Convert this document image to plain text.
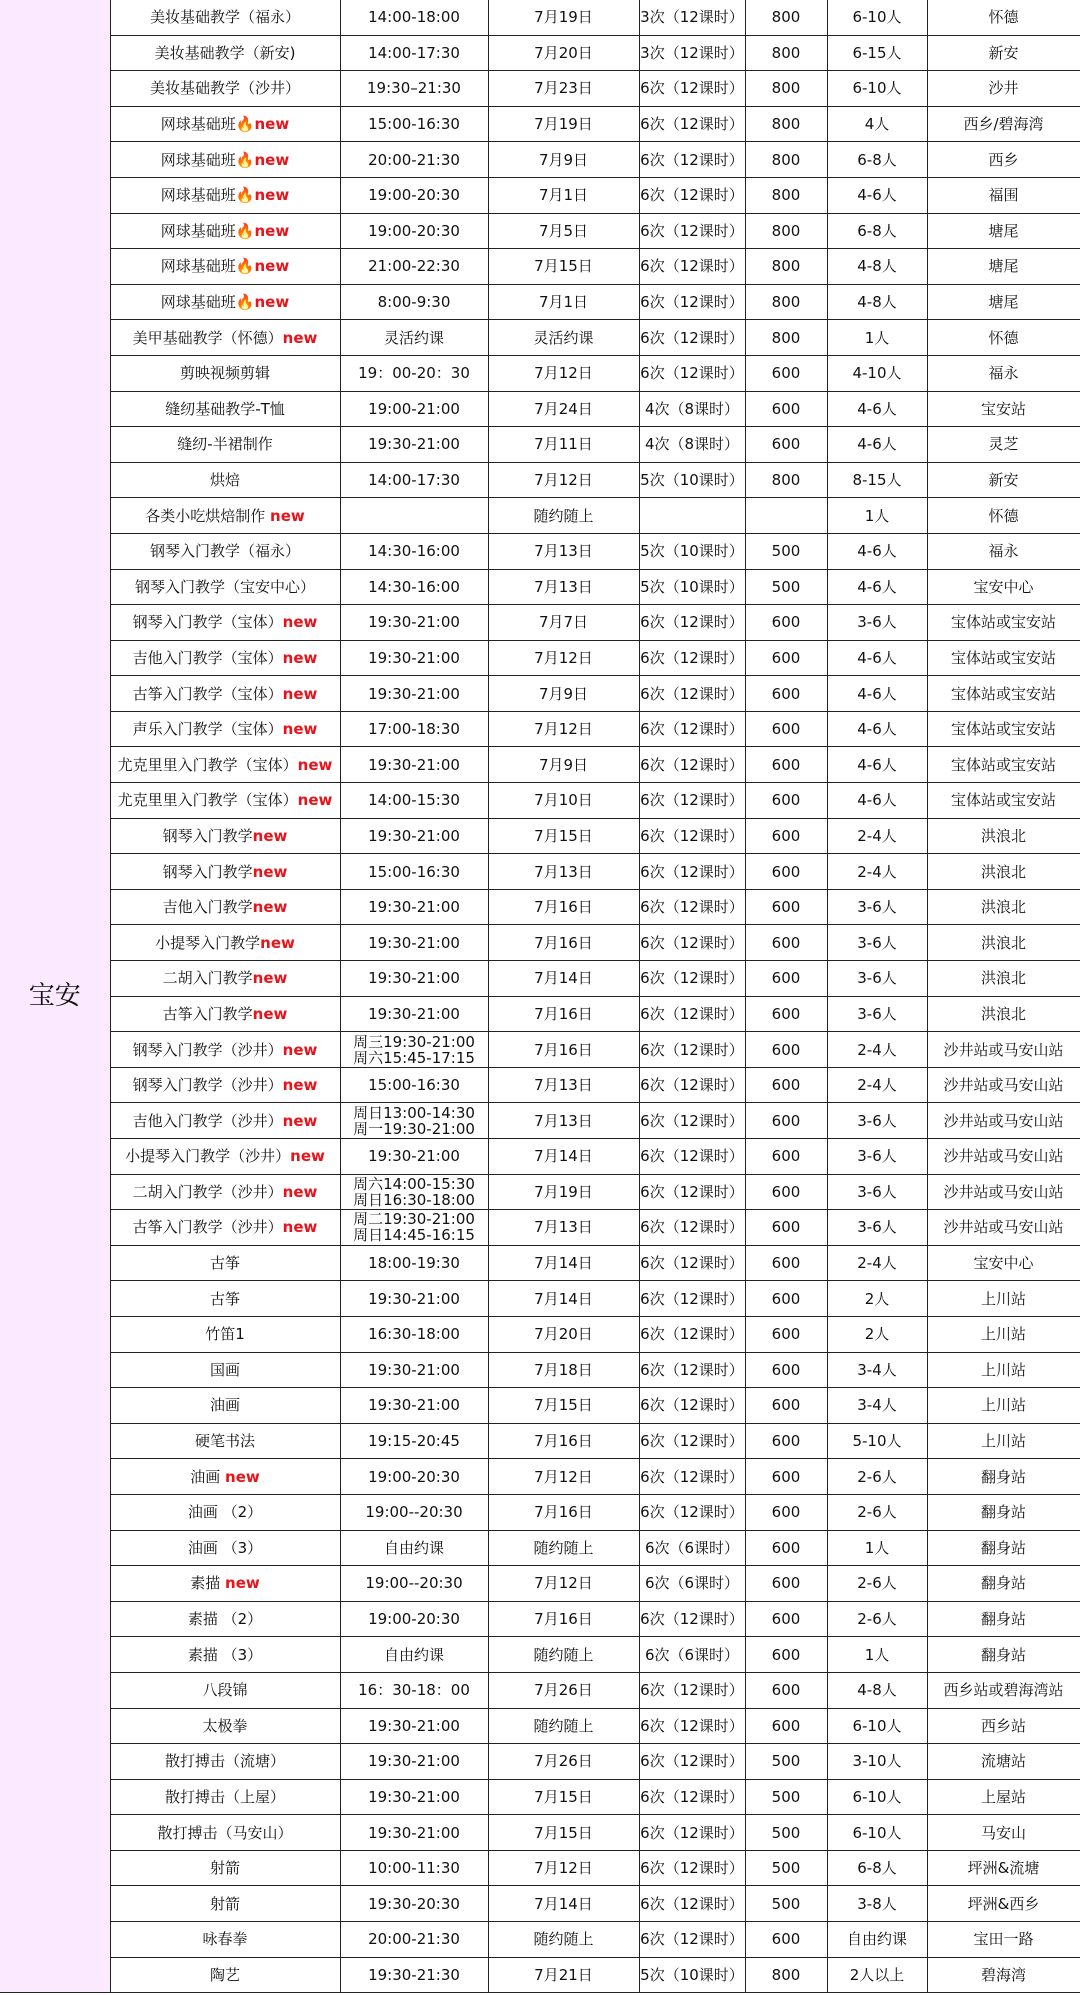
宝安	美妆基础教学（福永）	14:00-18:00	7月19日	3次（12课时）	800	6-10人	怀德
	美妆基础教学（新安)	14:00-17:30	7月20日	3次（12课时）	800	6-15人	新安
	美妆基础教学（沙井）	19:30–21:30	7月23日	6次（12课时）	800	6-10人	沙井
	网球基础班🔥new	15:00-16:30	7月19日	6次（12课时）	800	4人	西乡/碧海湾
	网球基础班🔥new	20:00-21:30	7月9日	6次（12课时）	800	6-8人	西乡
	网球基础班🔥new	19:00-20:30	7月1日	6次（12课时）	800	4-6人	福围
	网球基础班🔥new	19:00-20:30	7月5日	6次（12课时）	800	6-8人	塘尾
	网球基础班🔥new	21:00-22:30	7月15日	6次（12课时）	800	4-8人	塘尾
	网球基础班🔥new	8:00-9:30	7月1日	6次（12课时）	800	4-8人	塘尾
	美甲基础教学（怀德）new	灵活约课	灵活约课	6次（12课时）	800	1人	怀德
	剪映视频剪辑	19：00-20：30	7月12日	6次（12课时）	600	4-10人	福永
	缝纫基础教学-T恤	19:00-21:00	7月24日	4次（8课时）	600	4-6人	宝安站
	缝纫-半裙制作	19:30-21:00	7月11日	4次（8课时）	600	4-6人	灵芝
	烘焙	14:00-17:30	7月12日	5次（10课时）	800	8-15人	新安
	各类小吃烘焙制作 new		随约随上			1人	怀德
	钢琴入门教学（福永）	14:30-16:00	7月13日	5次（10课时）	500	4-6人	福永
	钢琴入门教学（宝安中心）	14:30-16:00	7月13日	5次（10课时）	500	4-6人	宝安中心
	钢琴入门教学（宝体）new	19:30-21:00	7月7日	6次（12课时）	600	3-6人	宝体站或宝安站
	吉他入门教学（宝体）new	19:30-21:00	7月12日	6次（12课时）	600	4-6人	宝体站或宝安站
	古筝入门教学（宝体）new	19:30-21:00	7月9日	6次（12课时）	600	4-6人	宝体站或宝安站
	声乐入门教学（宝体）new	17:00-18:30	7月12日	6次（12课时）	600	4-6人	宝体站或宝安站
	尤克里里入门教学（宝体）new	19:30-21:00	7月9日	6次（12课时）	600	4-6人	宝体站或宝安站
	尤克里里入门教学（宝体）new	14:00-15:30	7月10日	6次（12课时）	600	4-6人	宝体站或宝安站
	钢琴入门教学new	19:30-21:00	7月15日	6次（12课时）	600	2-4人	洪浪北
	钢琴入门教学new	15:00-16:30	7月13日	6次（12课时）	600	2-4人	洪浪北
	吉他入门教学new	19:30-21:00	7月16日	6次（12课时）	600	3-6人	洪浪北
	小提琴入门教学new	19:30-21:00	7月16日	6次（12课时）	600	3-6人	洪浪北
	二胡入门教学new	19:30-21:00	7月14日	6次（12课时）	600	3-6人	洪浪北
	古筝入门教学new	19:30-21:00	7月16日	6次（12课时）	600	3-6人	洪浪北
	钢琴入门教学（沙井）new	周三19:30-21:00
周六15:45-17:15	7月16日	6次（12课时）	600	2-4人	沙井站或马安山站
	钢琴入门教学（沙井）new	15:00-16:30	7月13日	6次（12课时）	600	2-4人	沙井站或马安山站
	吉他入门教学（沙井）new	周日13:00-14:30
周一19:30-21:00	7月13日	6次（12课时）	600	3-6人	沙井站或马安山站
	小提琴入门教学（沙井）new	19:30-21:00	7月14日	6次（12课时）	600	3-6人	沙井站或马安山站
	二胡入门教学（沙井）new	周六14:00-15:30
周日16:30-18:00	7月19日	6次（12课时）	600	3-6人	沙井站或马安山站
	古筝入门教学（沙井）new	周二19:30-21:00
周日14:45-16:15	7月13日	6次（12课时）	600	3-6人	沙井站或马安山站
	古筝	18:00-19:30	7月14日	6次（12课时）	600	2-4人	宝安中心
	古筝	19:30-21:00	7月14日	6次（12课时）	600	2人	上川站
	竹笛1	16:30-18:00	7月20日	6次（12课时）	600	2人	上川站
	国画	19:30-21:00	7月18日	6次（12课时）	600	3-4人	上川站
	油画	19:30-21:00	7月15日	6次（12课时）	600	3-4人	上川站
	硬笔书法	19:15-20:45	7月16日	6次（12课时）	600	5-10人	上川站
	油画 new	19:00-20:30	7月12日	6次（12课时）	600	2-6人	翻身站
	油画 （2）	19:00--20:30	7月16日	6次（12课时）	600	2-6人	翻身站
	油画 （3）	自由约课	随约随上	6次（6课时）	600	1人	翻身站
	素描 new	19:00--20:30	7月12日	6次（6课时）	600	2-6人	翻身站
	素描 （2）	19:00-20:30	7月16日	6次（12课时）	600	2-6人	翻身站
	素描 （3）	自由约课	随约随上	6次（6课时）	600	1人	翻身站
	八段锦	16：30-18：00	7月26日	6次（12课时）	600	4-8人	西乡站或碧海湾站
	太极拳	19:30-21:00	随约随上	6次（12课时）	600	6-10人	西乡站
	散打搏击（流塘）	19:30-21:00	7月26日	6次（12课时）	500	3-10人	流塘站
	散打搏击（上屋）	19:30-21:00	7月15日	6次（12课时）	500	6-10人	上屋站
	散打搏击（马安山）	19:30-21:00	7月15日	6次（12课时）	500	6-10人	马安山
	射箭	10:00-11:30	7月12日	6次（12课时）	500	6-8人	坪洲&流塘
	射箭	19:30-20:30	7月14日	6次（12课时）	500	3-8人	坪洲&西乡
	咏春拳	20:00-21:30	随约随上	6次（12课时）	600	自由约课	宝田一路
	陶艺	19:30-21:30	7月21日	5次（10课时）	800	2人以上	碧海湾
